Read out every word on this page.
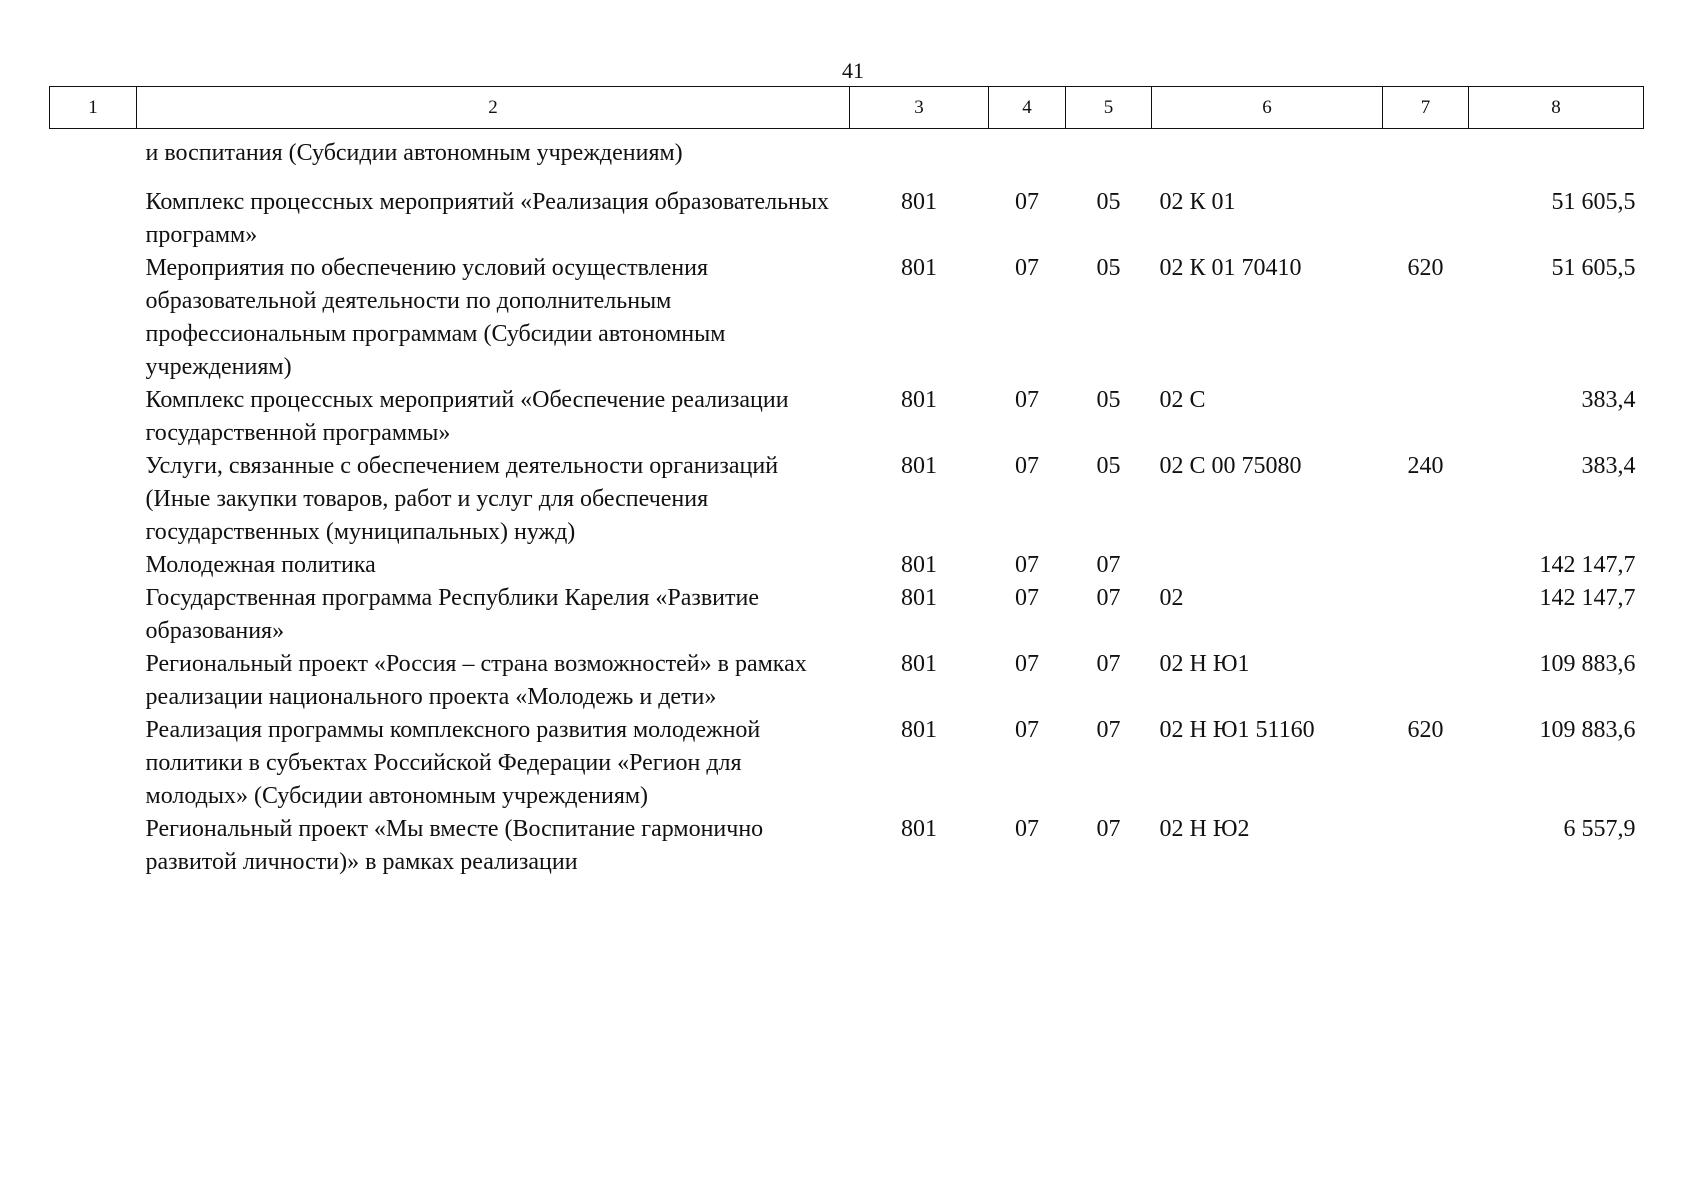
41
1	2	3	4	5	6	7	8
	и воспитания (Субсидии автономным учреждениям)						
	Комплекс процессных мероприятий «Реализация образовательных программ»	801	07	05	02 К 01		51 605,5
	Мероприятия по обеспечению условий осуществления образовательной деятельности по дополнительным профессиональным программам (Субсидии автономным учреждениям)	801	07	05	02 К 01 70410	620	51 605,5
	Комплекс процессных мероприятий «Обеспечение реализации государственной программы»	801	07	05	02 С		383,4
	Услуги, связанные с обеспечением деятельности организаций (Иные закупки товаров, работ и услуг для обеспечения государственных (муниципальных) нужд)	801	07	05	02 С 00 75080	240	383,4
	Молодежная политика	801	07	07			142 147,7
	Государственная программа Республики Карелия «Развитие образования»	801	07	07	02		142 147,7
	Региональный проект «Россия – страна возможностей» в рамках реализации национального проекта «Молодежь и дети»	801	07	07	02 Н Ю1		109 883,6
	Реализация программы комплексного развития молодежной политики в субъектах Российской Федерации «Регион для молодых» (Субсидии автономным учреждениям)	801	07	07	02 Н Ю1 51160	620	109 883,6
	Региональный проект «Мы вместе (Воспитание гармонично развитой личности)» в рамках реализации	801	07	07	02 Н Ю2		6 557,9
